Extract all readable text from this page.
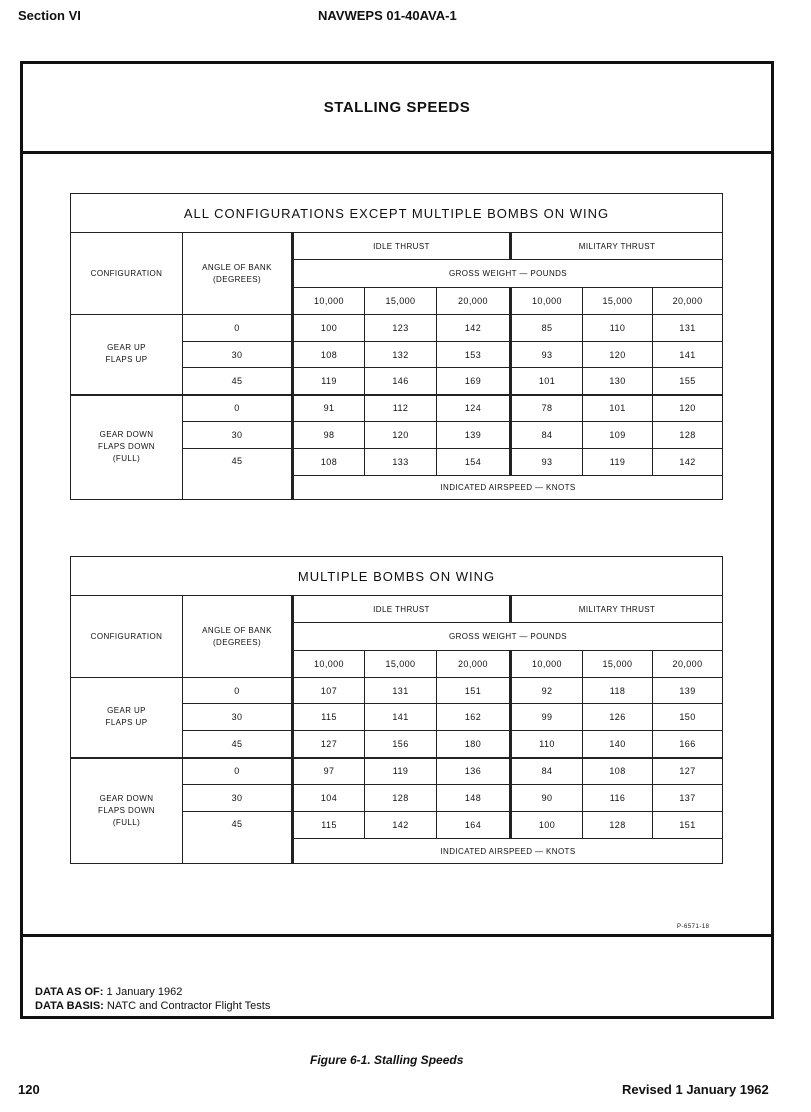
Section VI	NAVWEPS 01-40AVA-1
STALLING SPEEDS
ALL CONFIGURATIONS EXCEPT MULTIPLE BOMBS ON WING							
CONFIGURATION	ANGLE OF BANK (DEGREES)	IDLE THRUST			MILITARY THRUST		
		GROSS WEIGHT — POUNDS					
		10,000	15,000	20,000	10,000	15,000	20,000
GEAR UP FLAPS UP	0	100	123	142	85	110	131
	30	108	132	153	93	120	141
	45	119	146	169	101	130	155
GEAR DOWN FLAPS DOWN (FULL)	0	91	112	124	78	101	120
	30	98	120	139	84	109	128
	45	108	133	154	93	119	142
		INDICATED AIRSPEED — KNOTS					
MULTIPLE BOMBS ON WING							
CONFIGURATION	ANGLE OF BANK (DEGREES)	IDLE THRUST			MILITARY THRUST		
		GROSS WEIGHT — POUNDS					
		10,000	15,000	20,000	10,000	15,000	20,000
GEAR UP FLAPS UP	0	107	131	151	92	118	139
	30	115	141	162	99	126	150
	45	127	156	180	110	140	166
GEAR DOWN FLAPS DOWN (FULL)	0	97	119	136	84	108	127
	30	104	128	148	90	116	137
	45	115	142	164	100	128	151
		INDICATED AIRSPEED — KNOTS					
P-6571-18
DATA AS OF: 1 January 1962
DATA BASIS: NATC and Contractor Flight Tests
Figure 6-1. Stalling Speeds
120	Revised 1 January 1962
